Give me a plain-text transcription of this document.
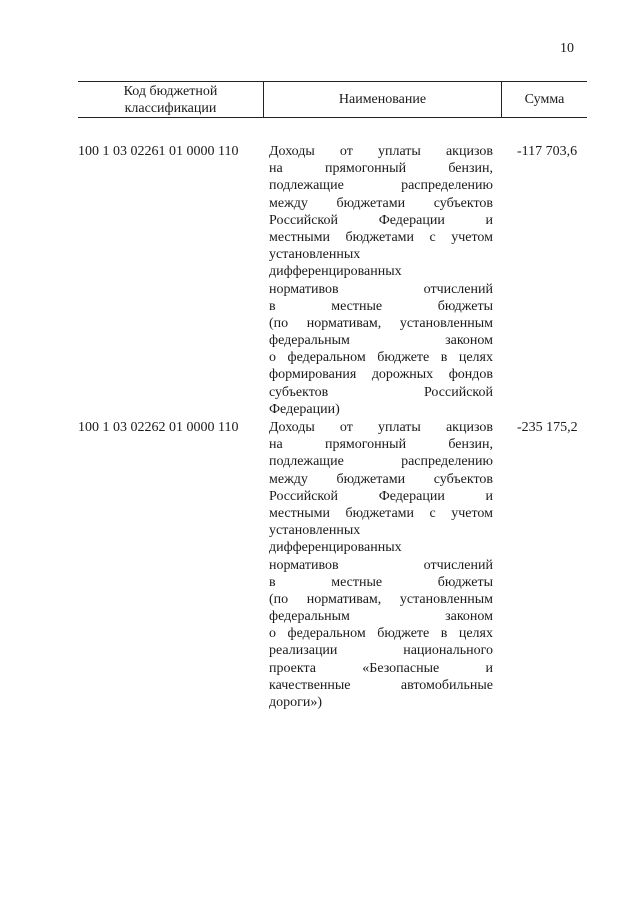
10
Код бюджетной классификации
Наименование	Сумма
100 1 03 02261 01 0000 110 Доходы от уплаты акцизов
на прямогонный бензин,
подлежащие распределению
между бюджетами субъектов
Российской Федерации и
местными бюджетами с учетом
установленных
дифференцированных
нормативов отчислений
в местные бюджеты
(по нормативам, установленным
федеральным законом
о федеральном бюджете в целях
формирования дорожных фондов
субъектов Российской
Федерации)
-117 703,6
100 1 03 02262 01 0000 110 Доходы от уплаты акцизов
на прямогонный бензин,
подлежащие распределению
между бюджетами субъектов
Российской Федерации и
местными бюджетами с учетом
установленных
дифференцированных
нормативов отчислений
в местные бюджеты
(по нормативам, установленным
федеральным законом
о федеральном бюджете в целях
реализации национального
проекта «Безопасные и
качественные автомобильные
дороги»)
-235 175,2
